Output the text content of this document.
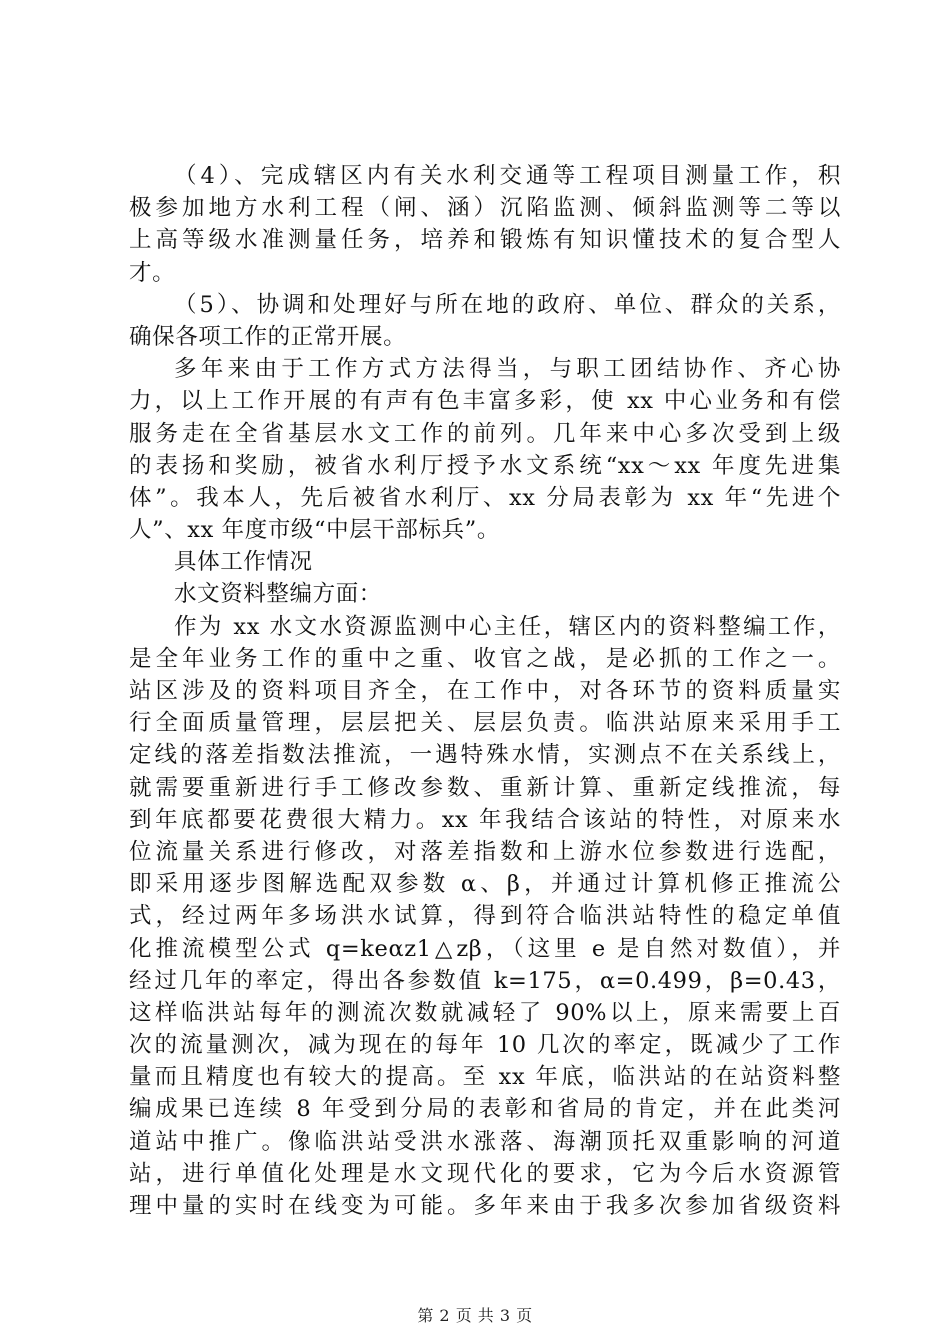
（4）、完成辖区内有关水利交通等工程项目测量工作，积
极参加地方水利工程（闸、涵）沉陷监测、倾斜监测等二等以
上高等级水准测量任务，培养和锻炼有知识懂技术的复合型人
才。
（5）、协调和处理好与所在地的政府、单位、群众的关系，
确保各项工作的正常开展。
多年来由于工作方式方法得当，与职工团结协作、齐心协
力，以上工作开展的有声有色丰富多彩，使 xx 中心业务和有偿
服务走在全省基层水文工作的前列。几年来中心多次受到上级
的表扬和奖励，被省水利厅授予水文系统“xx～xx 年度先进集
体”。我本人，先后被省水利厅、xx 分局表彰为 xx 年“先进个
人”、xx 年度市级“中层干部标兵”。
具体工作情况
水文资料整编方面：
作为 xx 水文水资源监测中心主任，辖区内的资料整编工作，
是全年业务工作的重中之重、收官之战，是必抓的工作之一。
站区涉及的资料项目齐全，在工作中，对各环节的资料质量实
行全面质量管理，层层把关、层层负责。临洪站原来采用手工
定线的落差指数法推流，一遇特殊水情，实测点不在关系线上，
就需要重新进行手工修改参数、重新计算、重新定线推流，每
到年底都要花费很大精力。xx 年我结合该站的特性，对原来水
位流量关系进行修改，对落差指数和上游水位参数进行选配，
即采用逐步图解选配双参数 α、β，并通过计算机修正推流公
式，经过两年多场洪水试算，得到符合临洪站特性的稳定单值
化推流模型公式 q=keαz1△zβ，（这里 e 是自然对数值），并
经过几年的率定，得出各参数值 k=175，α=0.499，β=0.43，
这样临洪站每年的测流次数就减轻了 90%以上，原来需要上百
次的流量测次，减为现在的每年 10 几次的率定，既减少了工作
量而且精度也有较大的提高。至 xx 年底，临洪站的在站资料整
编成果已连续 8 年受到分局的表彰和省局的肯定，并在此类河
道站中推广。像临洪站受洪水涨落、海潮顶托双重影响的河道
站，进行单值化处理是水文现代化的要求，它为今后水资源管
理中量的实时在线变为可能。多年来由于我多次参加省级资料
第 2 页 共 3 页
